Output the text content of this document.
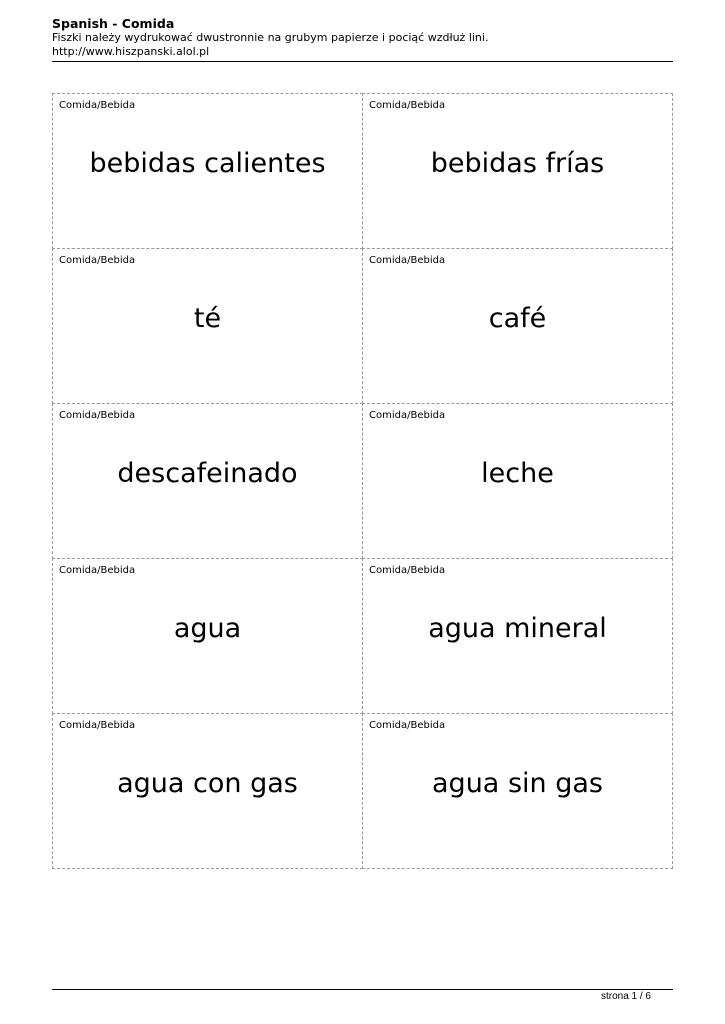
Spanish - Comida
Fiszki należy wydrukować dwustronnie na grubym papierze i pociąć wzdłuż lini.
http://www.hiszpanski.alol.pl
Comida/Bebida
bebidas calientes
Comida/Bebida
bebidas frías
Comida/Bebida
té
Comida/Bebida
café
Comida/Bebida
descafeinado
Comida/Bebida
leche
Comida/Bebida
agua
Comida/Bebida
agua mineral
Comida/Bebida
agua con gas
Comida/Bebida
agua sin gas
strona 1 / 6
